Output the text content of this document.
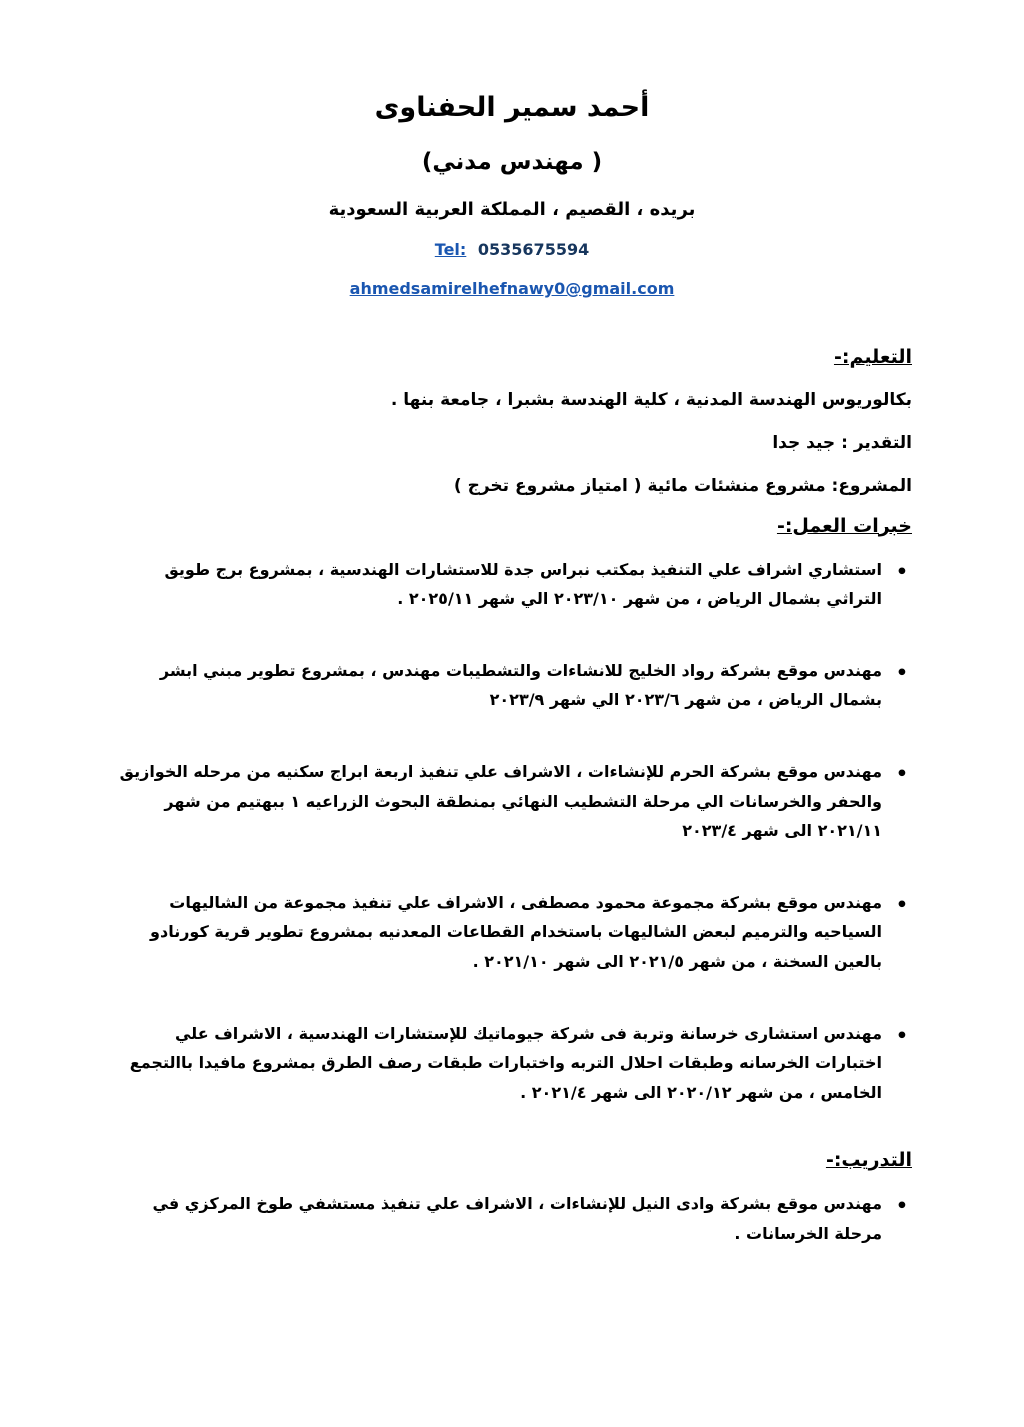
أحمد سمير الحفناوى
( مهندس مدني)
بريده ، القصيم ، المملكة العربية السعودية
Tel: 0535675594
ahmedsamirelhefnawy0@gmail.com
التعليم:-

بكالوريوس الهندسة المدنية ، كلية الهندسة بشبرا ، جامعة بنها .

التقدير : جيد جدا

المشروع: مشروع منشئات مائية ( امتياز مشروع تخرج )

خبرات العمل:-
• استشاري اشراف علي التنفيذ بمكتب نبراس جدة للاستشارات الهندسية ، بمشروع برج طويق التراثي بشمال الرياض ، من شهر ٢٠٢٣/١٠ الي شهر ٢٠٢٥/١١ .
• مهندس موقع بشركة رواد الخليج للانشاءات والتشطيبات مهندس ، بمشروع تطوير مبني ابشر بشمال الرياض ، من شهر ٢٠٢٣/٦ الي شهر ٢٠٢٣/٩
• مهندس موقع بشركة الحرم للإنشاءات ، الاشراف علي تنفيذ اربعة ابراج سكنيه من مرحله الخوازيق والحفر والخرسانات الي مرحلة التشطيب النهائي بمنطقة البحوث الزراعيه ١ ببهتيم من شهر ٢٠٢١/١١ الى شهر ٢٠٢٣/٤
• مهندس موقع بشركة مجموعة محمود مصطفى ، الاشراف علي تنفيذ مجموعة من الشاليهات السياحيه والترميم لبعض الشاليهات باستخدام القطاعات المعدنيه بمشروع تطوير قرية كورنادو بالعين السخنة ، من شهر ٢٠٢١/٥ الى شهر ٢٠٢١/١٠ .
• مهندس استشارى خرسانة وتربة فى شركة جيوماتيك للإستشارات الهندسية ، الاشراف علي اختبارات الخرسانه وطبقات احلال التربه واختبارات طبقات رصف الطرق بمشروع مافيدا باالتجمع الخامس ، من شهر ٢٠٢٠/١٢ الى شهر ٢٠٢١/٤ .
التدريب:-
• مهندس موقع بشركة وادى النيل للإنشاءات ، الاشراف علي تنفيذ مستشفي طوخ المركزي في مرحلة الخرسانات .
